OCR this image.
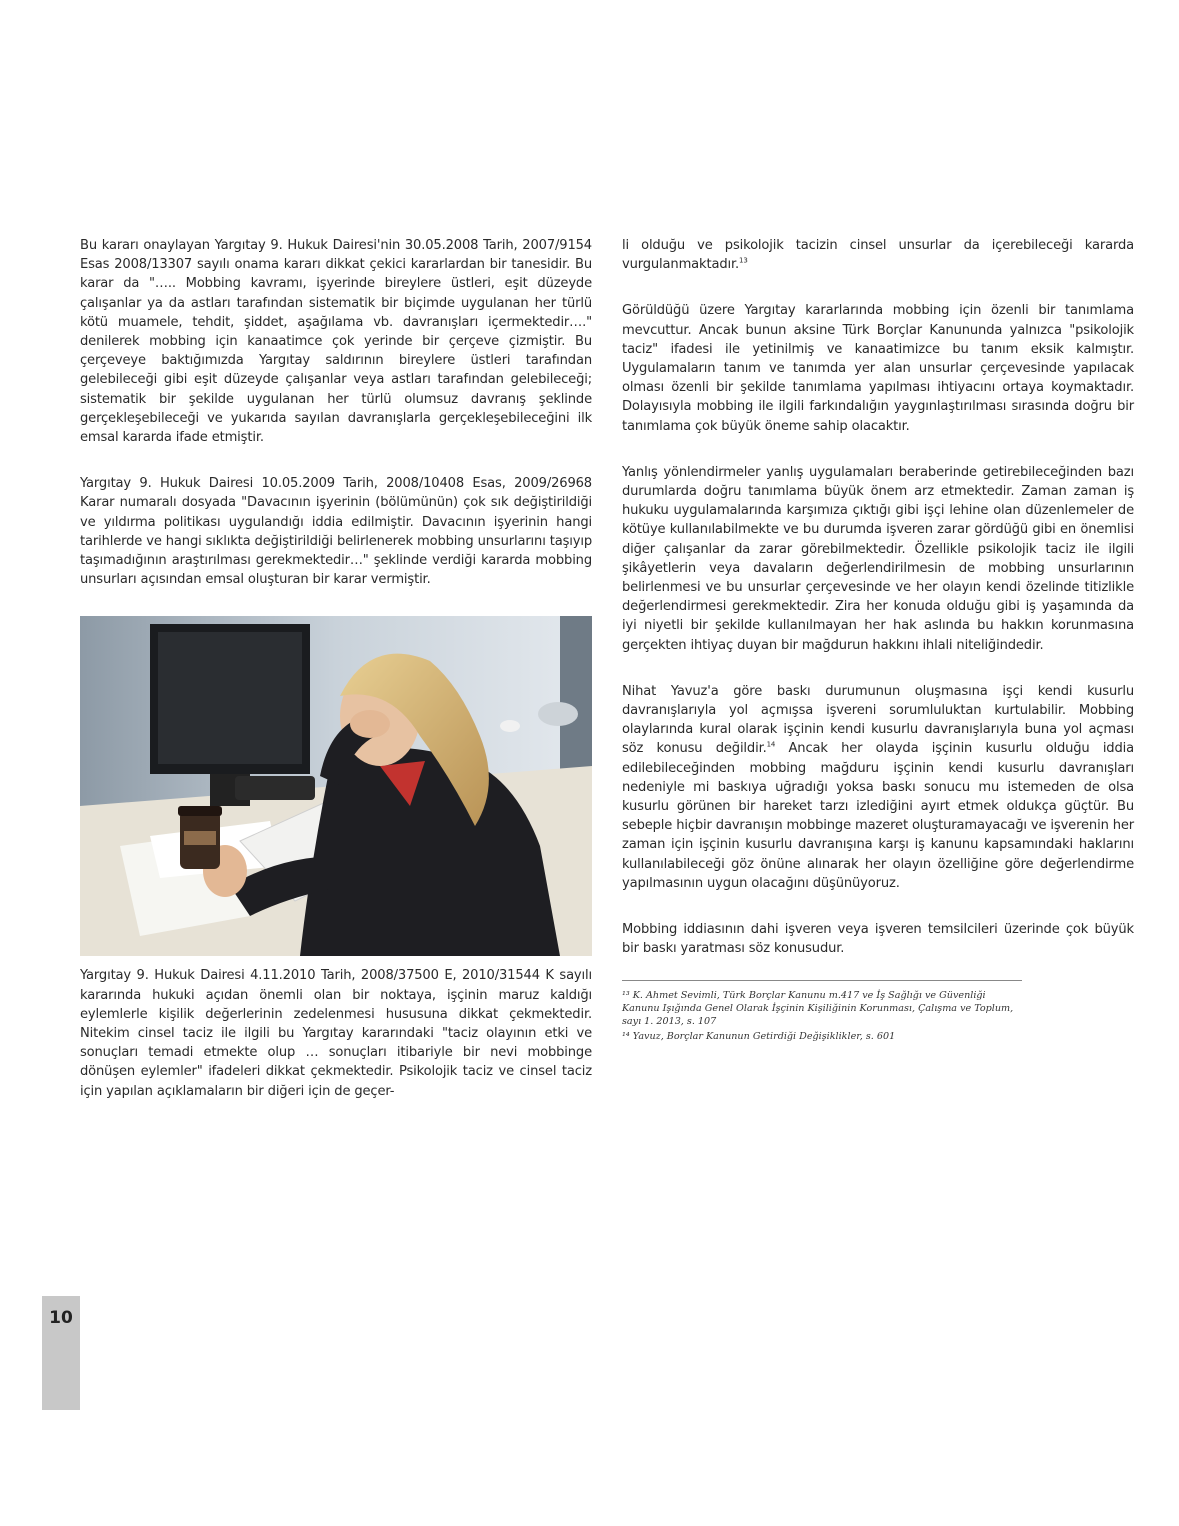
Bu kararı onaylayan Yargıtay 9. Hukuk Dairesi'nin 30.05.2008 Tarih, 2007/9154 Esas 2008/13307 sayılı onama kararı dikkat çekici kararlardan bir tanesidir. Bu karar da "….. Mobbing kavramı, işyerinde bireylere üstleri, eşit düzeyde çalışanlar ya da astları tarafından sistematik bir biçimde uygulanan her türlü kötü muamele, tehdit, şiddet, aşağılama vb. davranışları içermektedir…." denilerek mobbing için kanaatimce çok yerinde bir çerçeve çizmiştir. Bu çerçeveye baktığımızda Yargıtay saldırının bireylere üstleri tarafından gelebileceği gibi eşit düzeyde çalışanlar veya astları tarafından gelebileceği; sistematik bir şekilde uygulanan her türlü olumsuz davranış şeklinde gerçekleşebileceği ve yukarıda sayılan davranışlarla gerçekleşebileceğini ilk emsal kararda ifade etmiştir.

Yargıtay 9. Hukuk Dairesi 10.05.2009 Tarih, 2008/10408 Esas, 2009/26968 Karar numaralı dosyada "Davacının işyerinin (bölümünün) çok sık değiştirildiği ve yıldırma politikası uygulandığı iddia edilmiştir. Davacının işyerinin hangi tarihlerde ve hangi sıklıkta değiştirildiği belirlenerek mobbing unsurlarını taşıyıp taşımadığının araştırılması gerekmektedir…" şeklinde verdiği kararda mobbing unsurları açısından emsal oluşturan bir karar vermiştir.

Yargıtay 9. Hukuk Dairesi 4.11.2010 Tarih, 2008/37500 E, 2010/31544 K sayılı kararında hukuki açıdan önemli olan bir noktaya, işçinin maruz kaldığı eylemlerle kişilik değerlerinin zedelenmesi hususuna dikkat çekmektedir. Nitekim cinsel taciz ile ilgili bu Yargıtay kararındaki "taciz olayının etki ve sonuçları temadi etmekte olup … sonuçları itibariyle bir nevi mobbinge dönüşen eylemler" ifadeleri dikkat çekmektedir. Psikolojik taciz ve cinsel taciz için yapılan açıklamaların bir diğeri için de geçer-

li olduğu ve psikolojik tacizin cinsel unsurlar da içerebileceği kararda vurgulanmaktadır.$^{13}$

Görüldüğü üzere Yargıtay kararlarında mobbing için özenli bir tanımlama mevcuttur. Ancak bunun aksine Türk Borçlar Kanununda yalnızca "psikolojik taciz" ifadesi ile yetinilmiş ve kanaatimizce bu tanım eksik kalmıştır. Uygulamaların tanım ve tanımda yer alan unsurlar çerçevesinde yapılacak olması özenli bir şekilde tanımlama yapılması ihtiyacını ortaya koymaktadır. Dolayısıyla mobbing ile ilgili farkındalığın yaygınlaştırılması sırasında doğru bir tanımlama çok büyük öneme sahip olacaktır.

Yanlış yönlendirmeler yanlış uygulamaları beraberinde getirebileceğinden bazı durumlarda doğru tanımlama büyük önem arz etmektedir. Zaman zaman iş hukuku uygulamalarında karşımıza çıktığı gibi işçi lehine olan düzenlemeler de kötüye kullanılabilmekte ve bu durumda işveren zarar gördüğü gibi en önemlisi diğer çalışanlar da zarar görebilmektedir. Özellikle psikolojik taciz ile ilgili şikâyetlerin veya davaların değerlendirilmesin de mobbing unsurlarının belirlenmesi ve bu unsurlar çerçevesinde ve her olayın kendi özelinde titizlikle değerlendirmesi gerekmektedir. Zira her konuda olduğu gibi iş yaşamında da iyi niyetli bir şekilde kullanılmayan her hak aslında bu hakkın korunmasına gerçekten ihtiyaç duyan bir mağdurun hakkını ihlali niteliğindedir.

Nihat Yavuz'a göre baskı durumunun oluşmasına işçi kendi kusurlu davranışlarıyla yol açmışsa işvereni sorumluluktan kurtulabilir. Mobbing olaylarında kural olarak işçinin kendi kusurlu davranışlarıyla buna yol açması söz konusu değildir.$^{14}$ Ancak her olayda işçinin kusurlu olduğu iddia edilebileceğinden mobbing mağduru işçinin kendi kusurlu davranışları nedeniyle mi baskıya uğradığı yoksa baskı sonucu mu istemeden de olsa kusurlu görünen bir hareket tarzı izlediğini ayırt etmek oldukça güçtür. Bu sebeple hiçbir davranışın mobbinge mazeret oluşturamayacağı ve işverenin her zaman için işçinin kusurlu davranışına karşı iş kanunu kapsamındaki haklarını kullanılabileceği göz önüne alınarak her olayın özelliğine göre değerlendirme yapılmasının uygun olacağını düşünüyoruz.

Mobbing iddiasının dahi işveren veya işveren temsilcileri üzerinde çok büyük bir baskı yaratması söz konusudur.

¹³ K. Ahmet Sevimli, Türk Borçlar Kanunu m.417 ve İş Sağlığı ve Güvenliği Kanunu Işığında Genel Olarak İşçinin Kişiliğinin Korunması, Çalışma ve Toplum, sayı 1. 2013, s. 107

¹⁴ Yavuz, Borçlar Kanunun Getirdiği Değişiklikler, s. 601

10
